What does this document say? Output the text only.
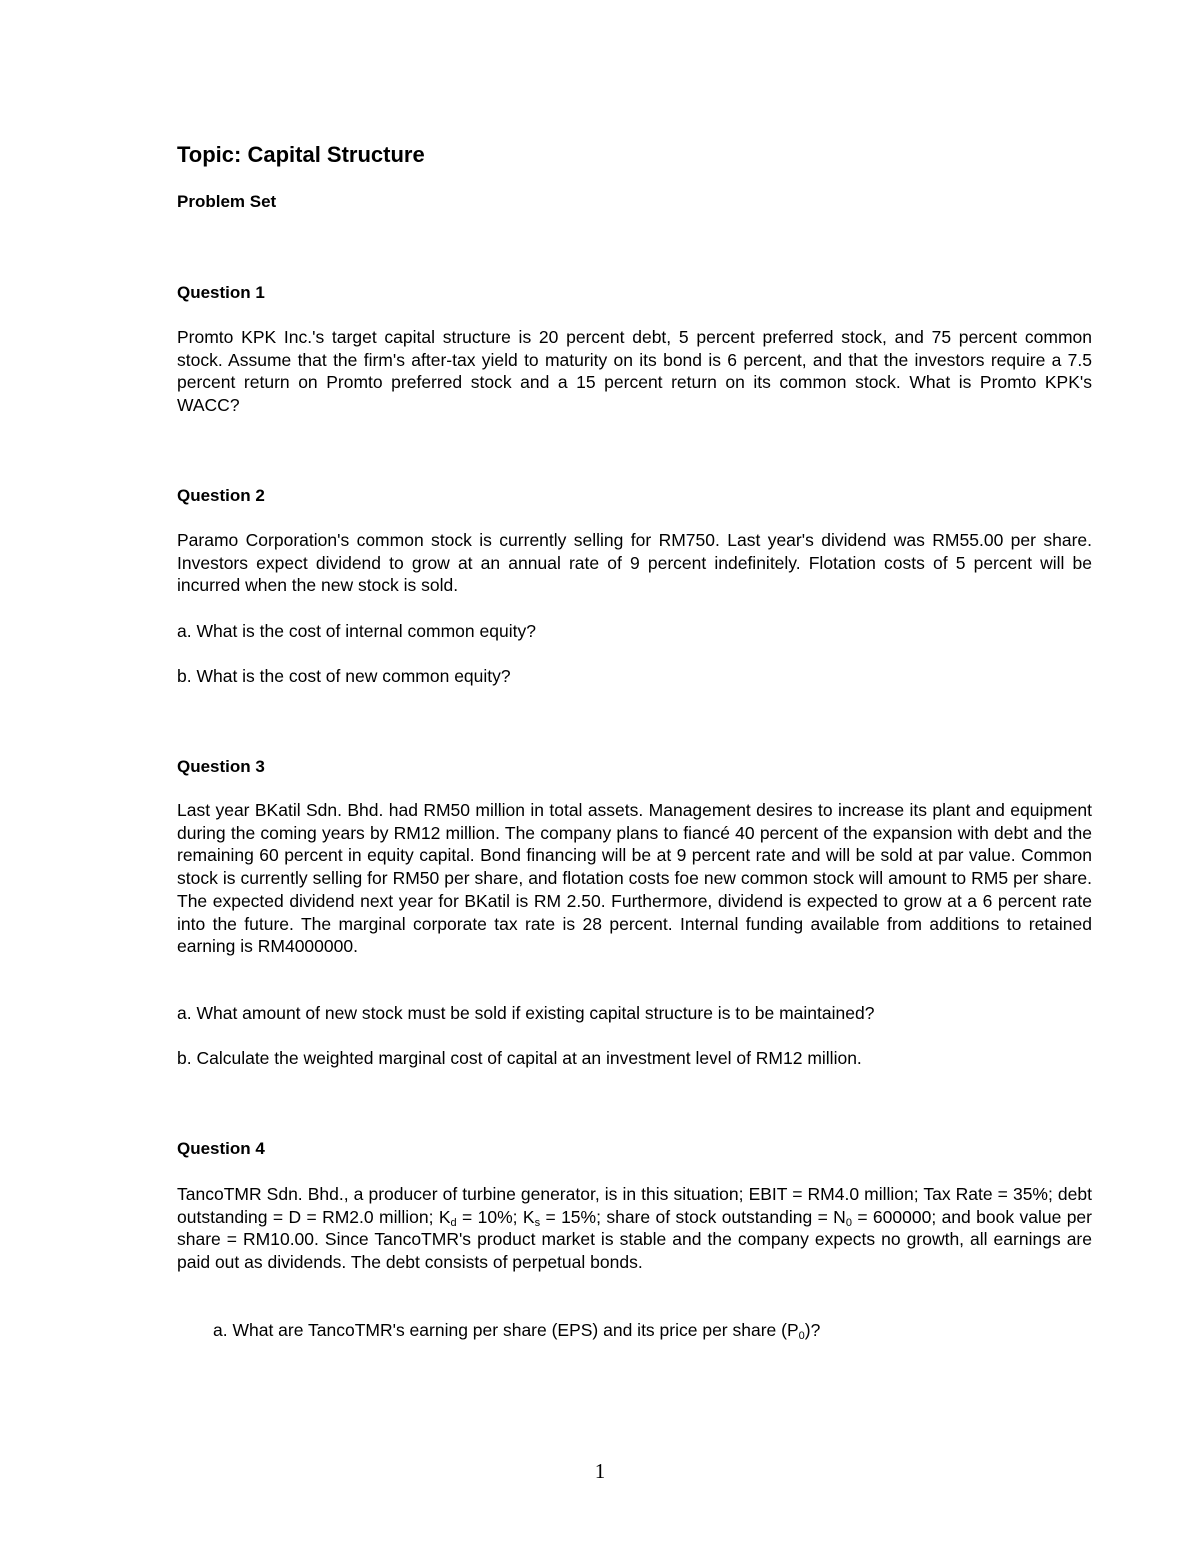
Topic: Capital Structure
Problem Set
Question 1

Promto KPK Inc.'s target capital structure is 20 percent debt, 5 percent preferred stock, and 75 percent common stock. Assume that the firm's after-tax yield to maturity on its bond is 6 percent, and that the investors require a 7.5 percent return on Promto preferred stock and a 15 percent return on its common stock. What is Promto KPK's WACC?

Question 2

Paramo Corporation's common stock is currently selling for RM750. Last year's dividend was RM55.00 per share. Investors expect dividend to grow at an annual rate of 9 percent indefinitely. Flotation costs of 5 percent will be incurred when the new stock is sold.

a. What is the cost of internal common equity?
b. What is the cost of new common equity?
Question 3

Last year BKatil Sdn. Bhd. had RM50 million in total assets. Management desires to increase its plant and equipment during the coming years by RM12 million. The company plans to fiancé 40 percent of the expansion with debt and the remaining 60 percent in equity capital. Bond financing will be at 9 percent rate and will be sold at par value. Common stock is currently selling for RM50 per share, and flotation costs foe new common stock will amount to RM5 per share. The expected dividend next year for BKatil is RM 2.50. Furthermore, dividend is expected to grow at a 6 percent rate into the future. The marginal corporate tax rate is 28 percent. Internal funding available from additions to retained earning is RM4000000.

a. What amount of new stock must be sold if existing capital structure is to be maintained?
b. Calculate the weighted marginal cost of capital at an investment level of RM12 million.
Question 4

TancoTMR Sdn. Bhd., a producer of turbine generator, is in this situation; EBIT = RM4.0 million; Tax Rate = 35%; debt outstanding = D = RM2.0 million; $K_d = 10\%$; $K_s = 15\%$; share of stock outstanding = $N_0 = 600000$; and book value per share = RM10.00. Since TancoTMR's product market is stable and the company expects no growth, all earnings are paid out as dividends. The debt consists of perpetual bonds.

a. What are TancoTMR's earning per share (EPS) and its price per share $(P_0)$?
1
